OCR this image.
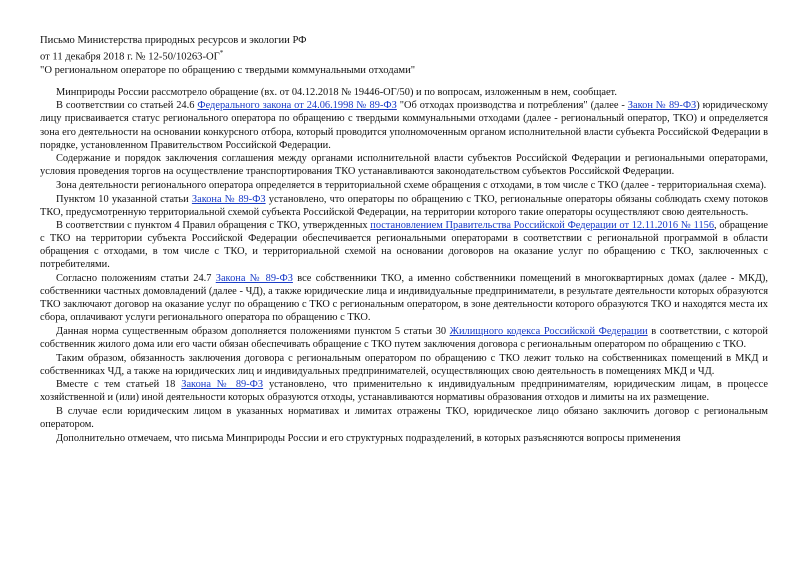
Письмо Министерства природных ресурсов и экологии РФ
от 11 декабря 2018 г. № 12-50/10263-ОГ*
"О региональном операторе по обращению с твердыми коммунальными отходами"

Минприроды России рассмотрело обращение (вх. от 04.12.2018 № 19446-ОГ/50) и по вопросам, изложенным в нем, сообщает.

В соответствии со статьей 24.6 Федерального закона от 24.06.1998 № 89-ФЗ "Об отходах производства и потребления" (далее - Закон № 89-ФЗ) юридическому лицу присваивается статус регионального оператора по обращению с твердыми коммунальными отходами (далее - региональный оператор, ТКО) и определяется зона его деятельности на основании конкурсного отбора, который проводится уполномоченным органом исполнительной власти субъекта Российской Федерации в порядке, установленном Правительством Российской Федерации.

Содержание и порядок заключения соглашения между органами исполнительной власти субъектов Российской Федерации и региональными операторами, условия проведения торгов на осуществление транспортирования ТКО устанавливаются законодательством субъектов Российской Федерации.

Зона деятельности регионального оператора определяется в территориальной схеме обращения с отходами, в том числе с ТКО (далее - территориальная схема).

Пунктом 10 указанной статьи Закона № 89-ФЗ установлено, что операторы по обращению с ТКО, региональные операторы обязаны соблюдать схему потоков ТКО, предусмотренную территориальной схемой субъекта Российской Федерации, на территории которого такие операторы осуществляют свою деятельность.

В соответствии с пунктом 4 Правил обращения с ТКО, утвержденных постановлением Правительства Российской Федерации от 12.11.2016 № 1156, обращение с ТКО на территории субъекта Российской Федерации обеспечивается региональными операторами в соответствии с региональной программой в области обращения с отходами, в том числе с ТКО, и территориальной схемой на основании договоров на оказание услуг по обращению с ТКО, заключенных с потребителями.

Согласно положениям статьи 24.7 Закона № 89-ФЗ все собственники ТКО, а именно собственники помещений в многоквартирных домах (далее - МКД), собственники частных домовладений (далее - ЧД), а также юридические лица и индивидуальные предприниматели, в результате деятельности которых образуются ТКО заключают договор на оказание услуг по обращению с ТКО с региональным оператором, в зоне деятельности которого образуются ТКО и находятся места их сбора, оплачивают услуги регионального оператора по обращению с ТКО.

Данная норма существенным образом дополняется положениями пунктом 5 статьи 30 Жилищного кодекса Российской Федерации в соответствии, с которой собственник жилого дома или его части обязан обеспечивать обращение с ТКО путем заключения договора с региональным оператором по обращению с ТКО.

Таким образом, обязанность заключения договора с региональным оператором по обращению с ТКО лежит только на собственниках помещений в МКД и собственниках ЧД, а также на юридических лиц и индивидуальных предпринимателей, осуществляющих свою деятельность в помещениях МКД и ЧД.

Вместе с тем статьей 18 Закона № 89-ФЗ установлено, что применительно к индивидуальным предпринимателям, юридическим лицам, в процессе хозяйственной и (или) иной деятельности которых образуются отходы, устанавливаются нормативы образования отходов и лимиты на их размещение.

В случае если юридическим лицом в указанных нормативах и лимитах отражены ТКО, юридическое лицо обязано заключить договор с региональным оператором.

Дополнительно отмечаем, что письма Минприроды России и его структурных подразделений, в которых разъясняются вопросы применения
